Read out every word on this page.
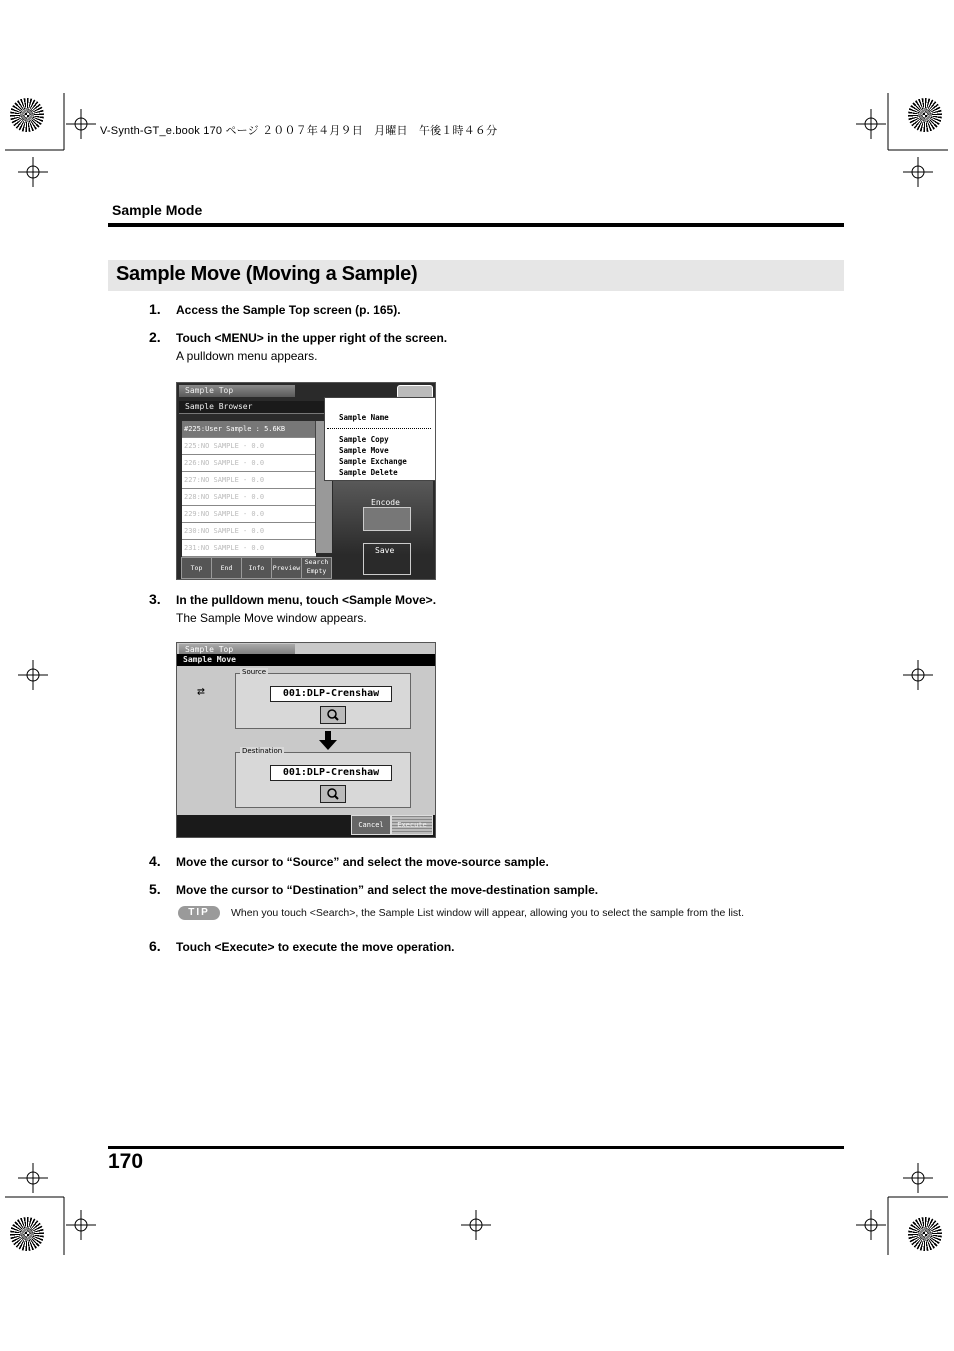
V-Synth-GT_e.book 170 ページ ２００７年４月９日　月曜日　午後１時４６分
Sample Mode
Sample Move (Moving a Sample)
1. Access the Sample Top screen (p. 165).
2. Touch <MENU> in the upper right of the screen.
A pulldown menu appears.
Sample Top
Sample Browser
#225:User Sample : 5.6KB
225:NO SAMPLE - 0.0
226:NO SAMPLE - 0.0
227:NO SAMPLE - 0.0
228:NO SAMPLE - 0.0
229:NO SAMPLE - 0.0
230:NO SAMPLE - 0.0
231:NO SAMPLE - 0.0
Encode
Save
Sample Name
Sample Copy
Sample Move
Sample Exchange
Sample Delete
Top	End	Info	Preview
Search Empty
3. In the pulldown menu, touch <Sample Move>.
The Sample Move window appears.
Sample Top
Sample Move
⇄
Source
001:DLP-Crenshaw
Destination
001:DLP-Crenshaw
Cancel	Execute
4. Move the cursor to “Source” and select the move-source sample.
5. Move the cursor to “Destination” and select the move-destination sample.
TIP	When you touch <Search>, the Sample List window will appear, allowing you to select the sample from the list.
6. Touch <Execute> to execute the move operation.
170
